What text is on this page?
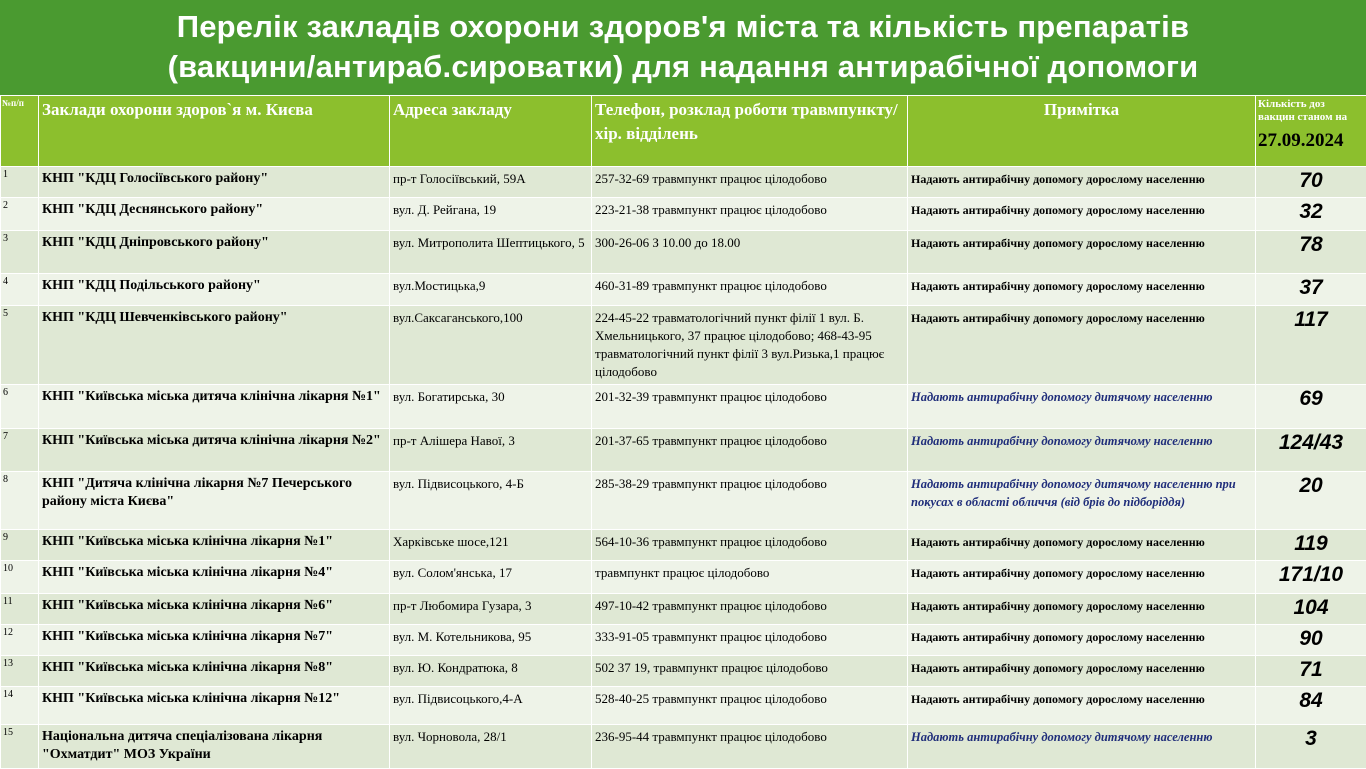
Перелік закладів охорони здоров'я міста та кількість препаратів
(вакцини/антираб.сироватки) для надання антирабічної допомоги
№п/п	Заклади охорони здоров`я м. Києва	Адреса закладу	Телефон, розклад роботи травмпункту/хір. відділень	Примітка	Кількість доз вакцин станом на
27.09.2024

1	КНП "КДЦ Голосіївського району"	пр-т Голосіївський, 59А	257-32-69 травмпункт працює цілодобово	Надають антирабічну допомогу дорослому населенню	70
2	КНП "КДЦ Деснянського району"	вул. Д. Рейгана, 19	223-21-38 травмпункт працює цілодобово	Надають антирабічну допомогу дорослому населенню	32
3	КНП "КДЦ Дніпровського району"	вул. Митрополита Шептицького, 5	300-26-06 З 10.00 до 18.00	Надають антирабічну допомогу дорослому населенню	78
4	КНП "КДЦ Подільського району"	вул.Мостицька,9	460-31-89 травмпункт працює цілодобово	Надають антирабічну допомогу дорослому населенню	37
5	КНП "КДЦ Шевченківського району"	вул.Саксаганського,100	224-45-22 травматологічний пункт філії 1 вул. Б. Хмельницького, 37 працює цілодобово; 468-43-95 травматологічний пункт філії 3 вул.Ризька,1 працює цілодобово	Надають антирабічну допомогу дорослому населенню	117
6	КНП "Київська міська дитяча клінічна лікарня №1"	вул. Богатирська, 30	201-32-39 травмпункт працює цілодобово	Надають антирабічну допомогу дитячому населенню	69
7	КНП "Київська міська дитяча клінічна лікарня №2"	пр-т Алішера Навої, 3	201-37-65 травмпункт працює цілодобово	Надають антирабічну допомогу дитячому населенню	124/43
8	КНП "Дитяча клінічна лікарня №7 Печерського району міста Києва"	вул. Підвисоцького, 4-Б	285-38-29 травмпункт працює цілодобово	Надають антирабічну допомогу дитячому населенню при покусах в області обличчя (від брів до підборіддя)	20
9	КНП "Київська міська клінічна лікарня №1"	Харківське шосе,121	564-10-36 травмпункт працює цілодобово	Надають антирабічну допомогу дорослому населенню	119
10	КНП "Київська міська клінічна лікарня №4"	вул. Солом'янська, 17	травмпункт працює цілодобово	Надають антирабічну допомогу дорослому населенню	171/10
11	КНП "Київська міська клінічна лікарня №6"	пр-т Любомира Гузара, 3	497-10-42 травмпункт працює цілодобово	Надають антирабічну допомогу дорослому населенню	104
12	КНП "Київська міська клінічна лікарня №7"	вул. М. Котельникова, 95	333-91-05 травмпункт працює цілодобово	Надають антирабічну допомогу дорослому населенню	90
13	КНП "Київська міська клінічна лікарня №8"	вул. Ю. Кондратюка, 8	502 37 19, травмпункт працює цілодобово	Надають антирабічну допомогу дорослому населенню	71
14	КНП "Київська міська клінічна лікарня №12"	вул. Підвисоцького,4-А	528-40-25 травмпункт працює цілодобово	Надають антирабічну допомогу дорослому населенню	84
15	Національна дитяча спеціалізована лікарня "Охматдит" МОЗ України	вул. Чорновола, 28/1	236-95-44 травмпункт працює цілодобово	Надають антирабічну допомогу дитячому населенню	3
